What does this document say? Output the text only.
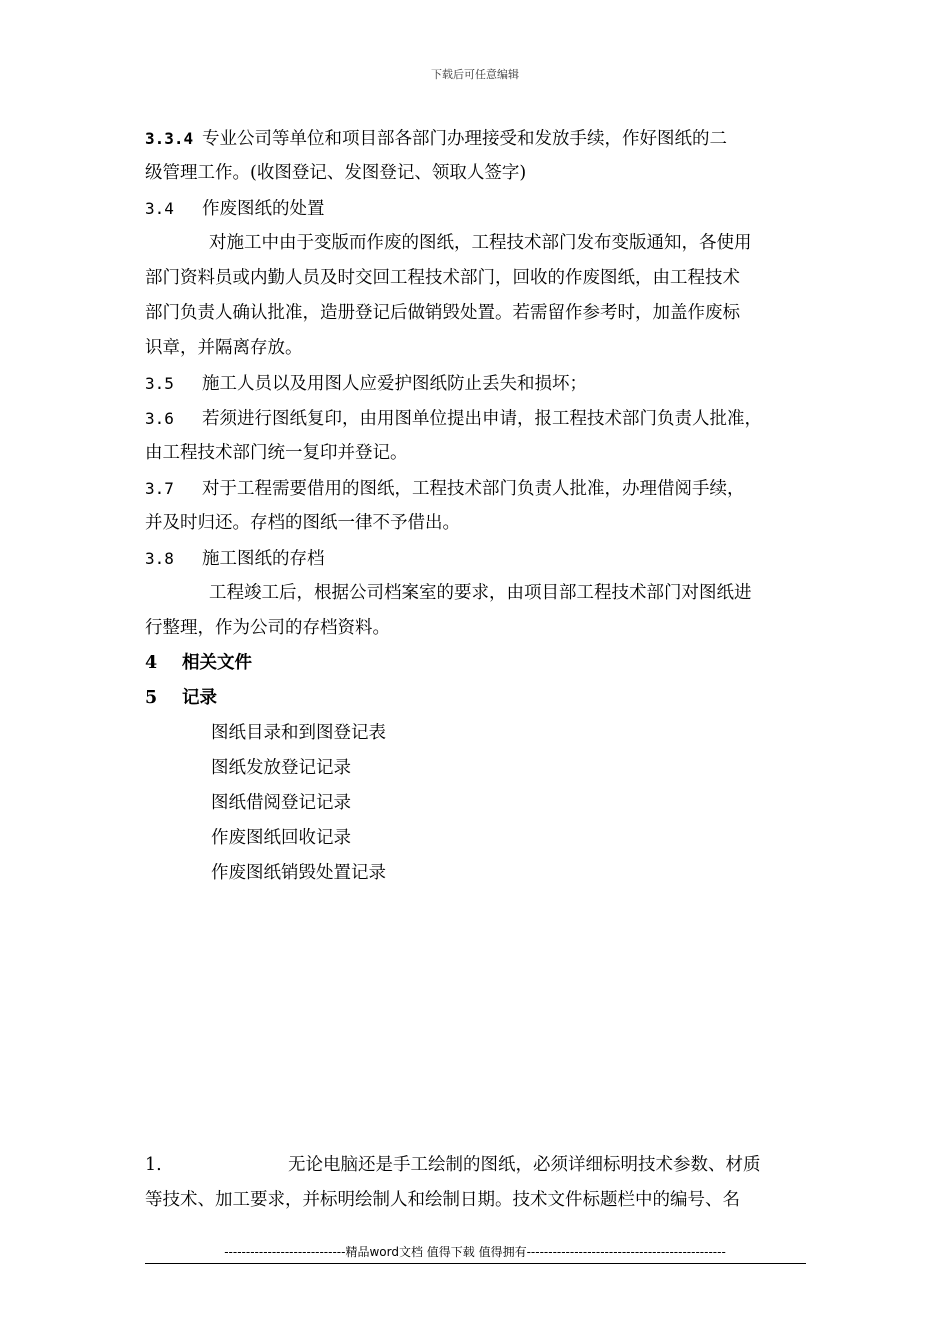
下载后可任意编辑
3.3.4 专业公司等单位和项目部各部门办理接受和发放手续，作好图纸的二
级管理工作。(收图登记、发图登记、领取人签字)
3.4 作废图纸的处置
对施工中由于变版而作废的图纸，工程技术部门发布变版通知，各使用
部门资料员或内勤人员及时交回工程技术部门，回收的作废图纸，由工程技术
部门负责人确认批准，造册登记后做销毁处置。若需留作参考时，加盖作废标
识章，并隔离存放。
3.5 施工人员以及用图人应爱护图纸防止丢失和损坏；
3.6 若须进行图纸复印，由用图单位提出申请，报工程技术部门负责人批准，
由工程技术部门统一复印并登记。
3.7 对于工程需要借用的图纸，工程技术部门负责人批准，办理借阅手续，
并及时归还。存档的图纸一律不予借出。
3.8 施工图纸的存档
工程竣工后，根据公司档案室的要求，由项目部工程技术部门对图纸进
行整理，作为公司的存档资料。
4 相关文件
5 记录
图纸目录和到图登记表
图纸发放登记记录
图纸借阅登记记录
作废图纸回收记录
作废图纸销毁处置记录
1.	无论电脑还是手工绘制的图纸，必须详细标明技术参数、材质
等技术、加工要求，并标明绘制人和绘制日期。技术文件标题栏中的编号、名
----------------------------精品word文档 值得下载 值得拥有----------------------------------------------
